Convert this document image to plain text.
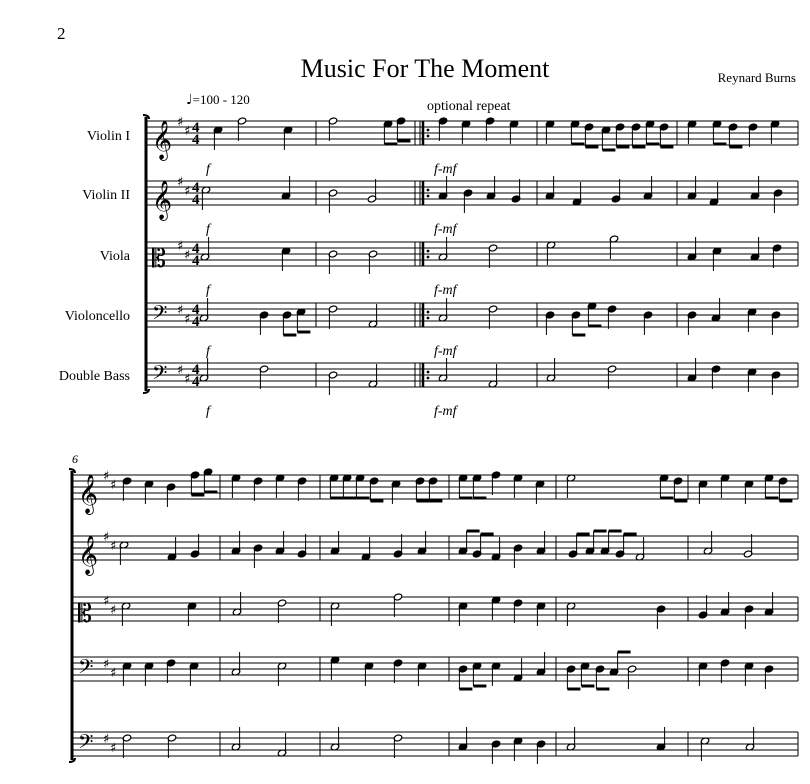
2
Music For The Moment	Reynard Burns
♩=100 - 120	optional repeat
Violin I
Violin II
Viola
Violoncello
Double Bass
6
𝄞 ♯
♯ 4
4
f	f-mf
𝄞 ♯
♯ 4
4
f	f-mf
𝄡 ♯
♯ 4
4
f	f-mf
𝄢 ♯
♯
4
4
f	f-mf
𝄢 ♯
♯
4
4
f	f-mf
𝄞 ♯
♯
𝄞 ♯
♯
𝄡 ♯
♯
𝄢 ♯
♯
𝄢 ♯
♯
